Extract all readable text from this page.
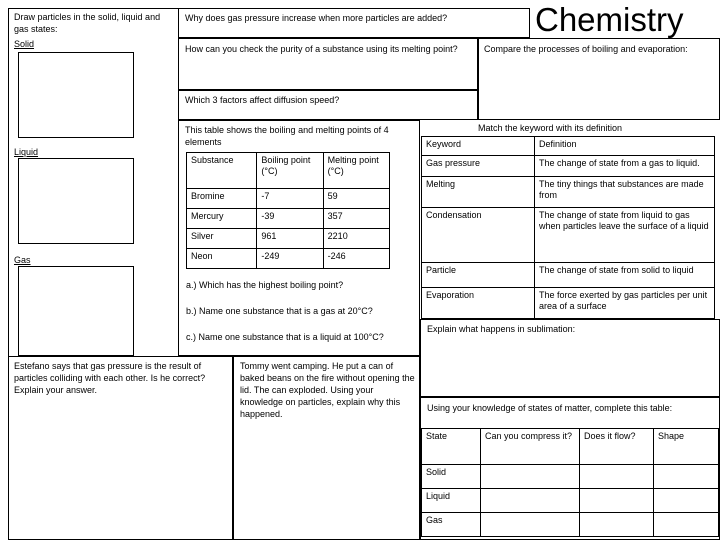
Chemistry
Draw particles in the solid, liquid and gas states:
Solid
Liquid
Gas
Why does gas pressure increase when more particles are added?
How can you check the purity of a substance using its melting point?	Compare the processes of boiling and evaporation:
Which 3 factors affect diffusion speed?
This table shows the boiling and melting points of 4 elements
Substance	Boiling point (°C)	Melting point (°C)
Bromine	-7	59
Mercury	-39	357
Silver	961	2210
Neon	-249	-246
a.) Which has the highest boiling point?
b.) Name one substance that is a gas at 20°C?
c.) Name one substance that is a liquid at 100°C?
Match the keyword with its definition
Keyword	Definition
Gas pressure	The change of state from a gas to liquid.
Melting	The tiny things that substances are made from
Condensation	The change of state from liquid to gas when particles leave the surface of a liquid
Particle	The change of state from solid to liquid
Evaporation	The force exerted by gas particles per unit area of a surface
Explain what happens in sublimation:
Estefano says that gas pressure is the result of particles colliding with each other. Is he correct? Explain your answer.
Tommy went camping. He put a can of baked beans on the fire without opening the lid. The can exploded. Using your knowledge on particles, explain why this happened.
Using your knowledge of states of matter, complete this table:
State	Can you compress it?	Does it flow?	Shape
Solid			
Liquid			
Gas			
